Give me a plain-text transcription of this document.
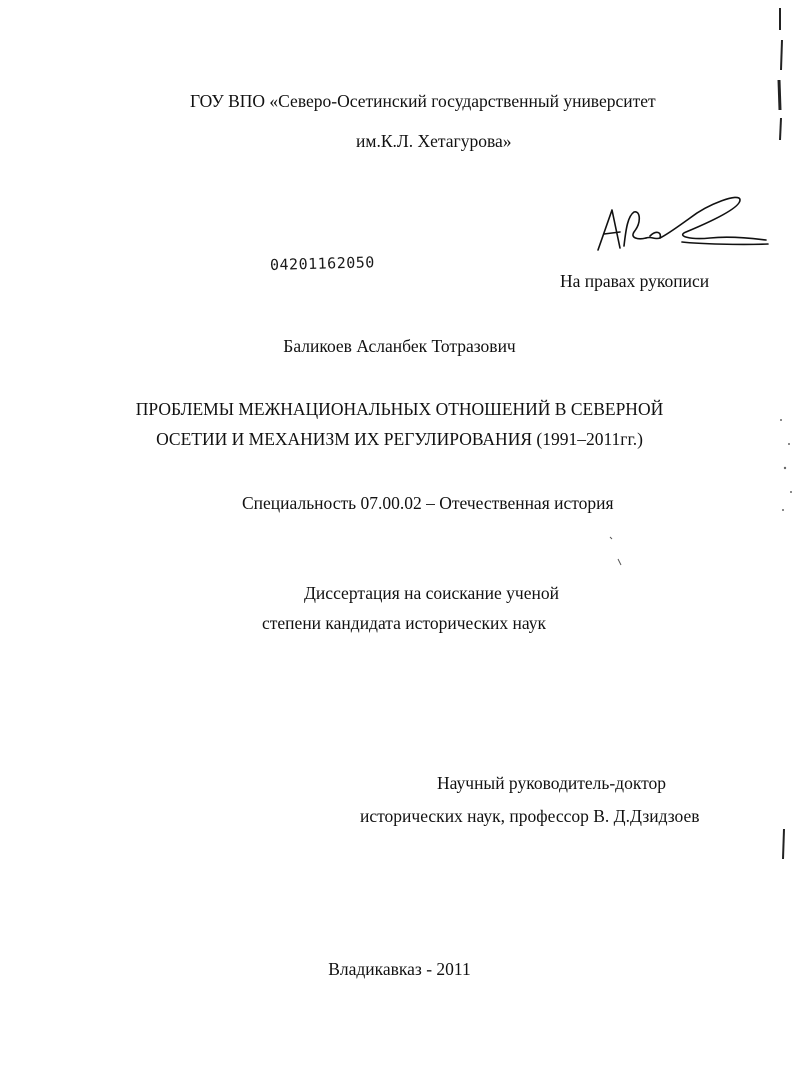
ГОУ ВПО «Северо-Осетинский государственный университет
им.К.Л. Хетагурова»
04201162050
На правах рукописи
Баликоев Асланбек Тотразович
ПРОБЛЕМЫ МЕЖНАЦИОНАЛЬНЫХ ОТНОШЕНИЙ В СЕВЕРНОЙ
ОСЕТИИ И МЕХАНИЗМ ИХ РЕГУЛИРОВАНИЯ (1991–2011гг.)
Специальность 07.00.02 – Отечественная история
Диссертация на соискание ученой
степени кандидата исторических наук
Научный руководитель-доктор
исторических наук, профессор В. Д.Дзидзоев
Владикавказ - 2011
